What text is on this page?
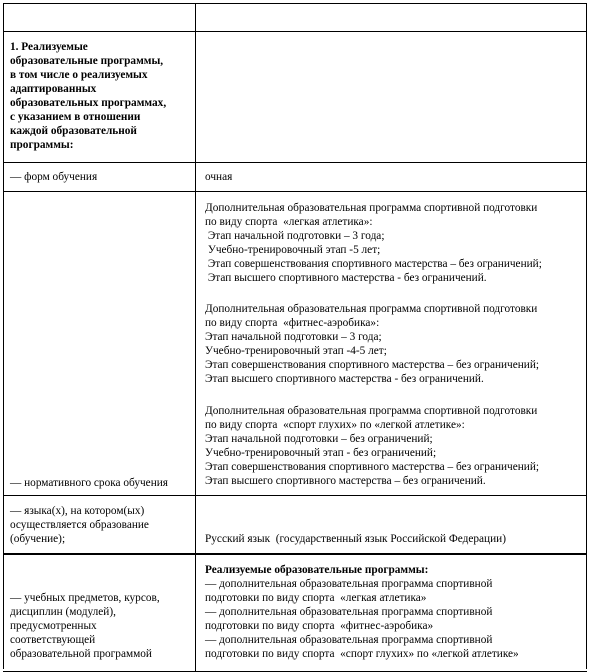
1. Реализуемые
образовательные программы,
в том числе о реализуемых
адаптированных
образовательных программах,
с указанием в отношении
каждой образовательной
программы:
— форм обучения	очная
— нормативного срока обучения
Дополнительная образовательная программа спортивной подготовки
по виду спорта  «легкая атлетика»:
Этап начальной подготовки – 3 года;
Учебно-тренировочный этап -5 лет;
Этап совершенствования спортивного мастерства – без ограничений;
Этап высшего спортивного мастерства - без ограничений.
Дополнительная образовательная программа спортивной подготовки
по виду спорта  «фитнес-аэробика»:
Этап начальной подготовки – 3 года;
Учебно-тренировочный этап -4-5 лет;
Этап совершенствования спортивного мастерства – без ограничений;
Этап высшего спортивного мастерства - без ограничений.
Дополнительная образовательная программа спортивной подготовки
по виду спорта  «спорт глухих» по «легкой атлетике»:
Этап начальной подготовки – без ограничений;
Учебно-тренировочный этап - без ограничений;
Этап совершенствования спортивного мастерства – без ограничений;
Этап высшего спортивного мастерства – без ограничений.
— языка(х), на котором(ых)
осуществляется образование
(обучение);	Русский язык  (государственный язык Российской Федерации)
— учебных предметов, курсов,
дисциплин (модулей),
предусмотренных
соответствующей
образовательной программой
Реализуемые образовательные программы:
— дополнительная образовательная программа спортивной
подготовки по виду спорта  «легкая атлетика»
— дополнительная образовательная программа спортивной
подготовки по виду спорта  «фитнес-аэробика»
— дополнительная образовательная программа спортивной
подготовки по виду спорта  «спорт глухих» по «легкой атлетике»
